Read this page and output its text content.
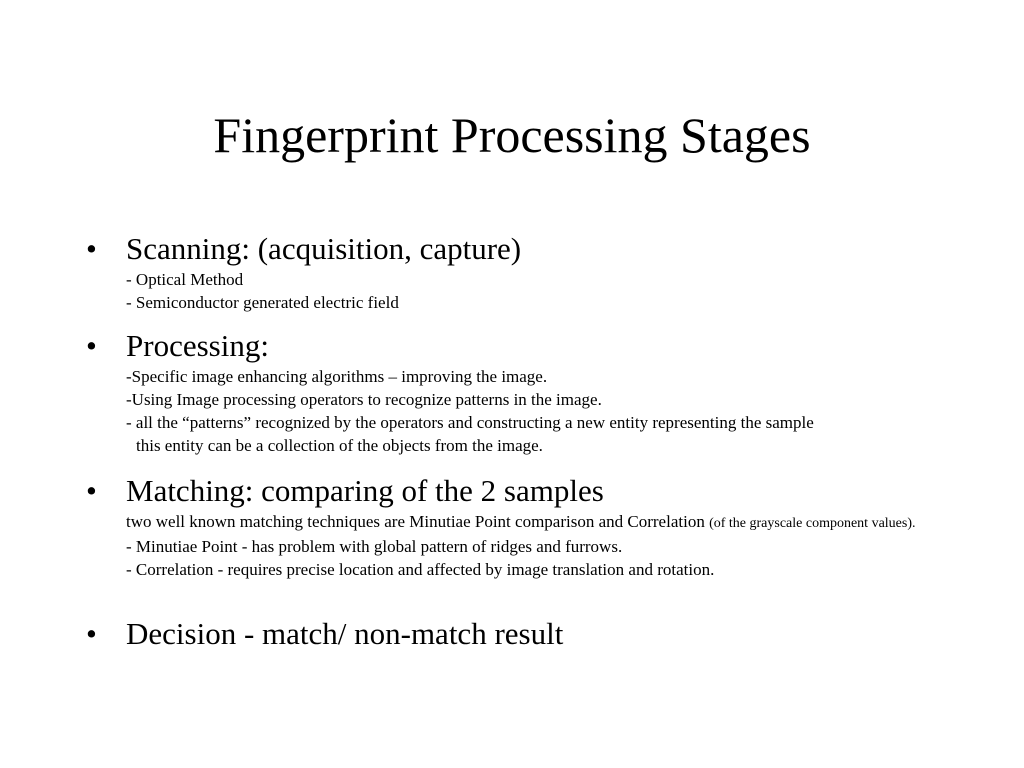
Fingerprint Processing Stages
• Scanning: (acquisition, capture)
- Optical Method
- Semiconductor generated electric field
• Processing:
-Specific image enhancing algorithms – improving the image.
-Using Image processing operators to recognize patterns in the image.
- all the “patterns” recognized by the operators and constructing a new entity representing the sample
this entity can be a collection of the objects from the image.
• Matching: comparing of the 2 samples
two well known matching techniques are Minutiae Point comparison and Correlation (of the grayscale component values).
- Minutiae Point - has problem with global pattern of ridges and furrows.
- Correlation - requires precise location and affected by image translation and rotation.
• Decision - match/ non-match result
